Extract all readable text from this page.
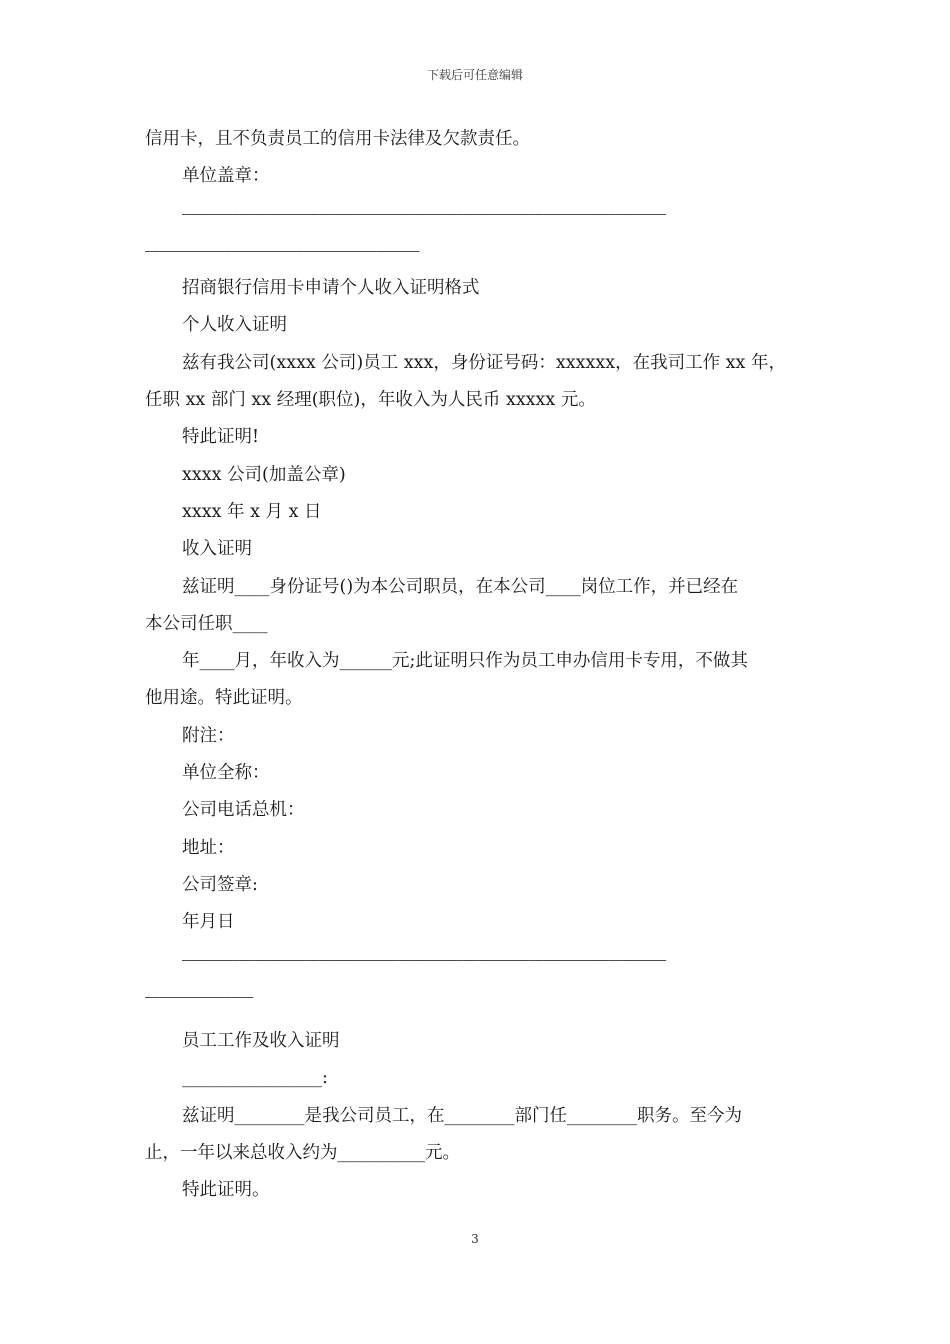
下载后可任意编辑

信用卡，且不负责员工的信用卡法律及欠款责任。

单位盖章：

———————————————————————————————————————————————————————————————————

——————————————————————————————————————

招商银行信用卡申请个人收入证明格式

个人收入证明

兹有我公司(xxxx 公司)员工 xxx，身份证号码：xxxxxx，在我司工作 xx 年，

任职 xx 部门 xx 经理(职位)，年收入为人民币 xxxxx 元。

特此证明!

xxxx 公司(加盖公章)

xxxx 年 x 月 x 日

收入证明

兹证明____身份证号()为本公司职员，在本公司____岗位工作，并已经在

本公司任职____

年____月，年收入为______元;此证明只作为员工申办信用卡专用，不做其

他用途。特此证明。

附注：

单位全称：

公司电话总机：

地址：

公司签章:

年月日

———————————————————————————————————————————————————————————————————

———————————————

员工工作及收入证明

________________:

兹证明________是我公司员工，在________部门任________职务。至今为

止，一年以来总收入约为__________元。

特此证明。

3
